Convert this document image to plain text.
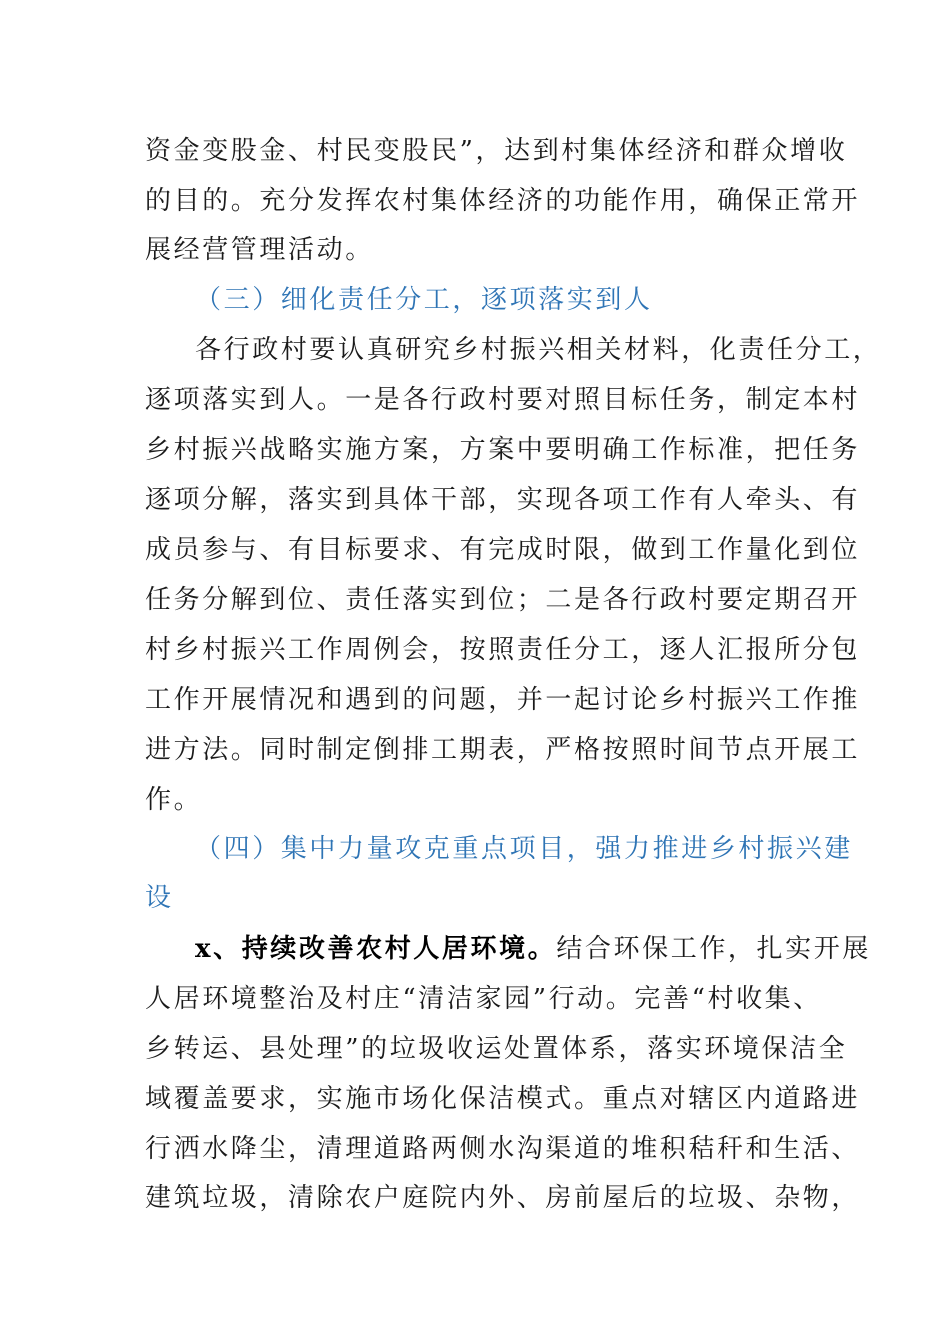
资金变股金、村民变股民”，达到村集体经济和群众增收
的目的。充分发挥农村集体经济的功能作用，确保正常开
展经营管理活动。
（三）细化责任分工，逐项落实到人
各行政村要认真研究乡村振兴相关材料，化责任分工，
逐项落实到人。一是各行政村要对照目标任务，制定本村
乡村振兴战略实施方案，方案中要明确工作标准，把任务
逐项分解，落实到具体干部，实现各项工作有人牵头、有
成员参与、有目标要求、有完成时限，做到工作量化到位
任务分解到位、责任落实到位；二是各行政村要定期召开
村乡村振兴工作周例会，按照责任分工，逐人汇报所分包
工作开展情况和遇到的问题，并一起讨论乡村振兴工作推
进方法。同时制定倒排工期表，严格按照时间节点开展工
作。
（四）集中力量攻克重点项目，强力推进乡村振兴建
设
x、持续改善农村人居环境。结合环保工作，扎实开展
人居环境整治及村庄“清洁家园”行动。完善“村收集、
乡转运、县处理”的垃圾收运处置体系，落实环境保洁全
域覆盖要求，实施市场化保洁模式。重点对辖区内道路进
行洒水降尘，清理道路两侧水沟渠道的堆积秸秆和生活、
建筑垃圾，清除农户庭院内外、房前屋后的垃圾、杂物，
